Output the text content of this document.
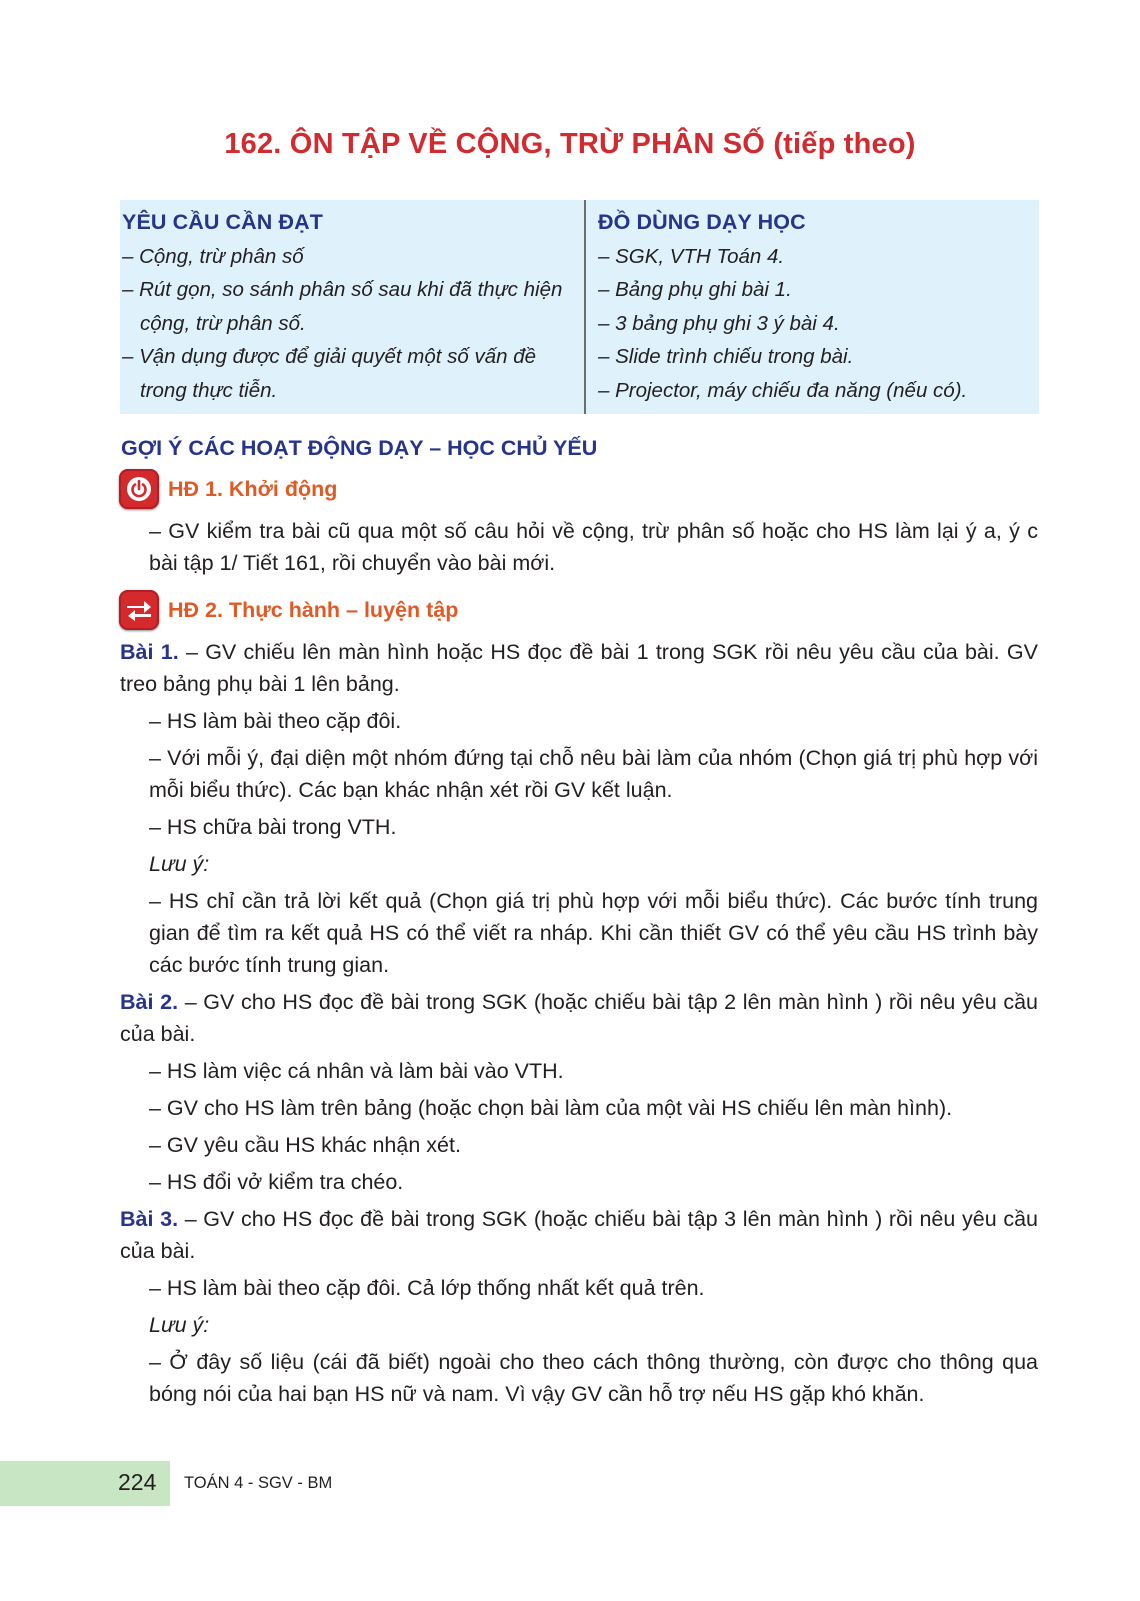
162. ÔN TẬP VỀ CỘNG, TRỪ PHÂN SỐ (tiếp theo)
YÊU CẦU CẦN ĐẠT
– Cộng, trừ phân số
– Rút gọn, so sánh phân số sau khi đã thực hiện cộng, trừ phân số.
– Vận dụng được để giải quyết một số vấn đề trong thực tiễn.
ĐỒ DÙNG DẠY HỌC
– SGK, VTH Toán 4.
– Bảng phụ ghi bài 1.
– 3 bảng phụ ghi 3 ý bài 4.
– Slide trình chiếu trong bài.
– Projector, máy chiếu đa năng (nếu có).
GỢI Ý CÁC HOẠT ĐỘNG DẠY – HỌC CHỦ YẾU
HĐ 1. Khởi động

– GV kiểm tra bài cũ qua một số câu hỏi về cộng, trừ phân số hoặc cho HS làm lại ý a, ý c bài tập 1/ Tiết 161, rồi chuyển vào bài mới.

HĐ 2. Thực hành – luyện tập

Bài 1. – GV chiếu lên màn hình hoặc HS đọc đề bài 1 trong SGK rồi nêu yêu cầu của bài. GV treo bảng phụ bài 1 lên bảng.

– HS làm bài theo cặp đôi.

– Với mỗi ý, đại diện một nhóm đứng tại chỗ nêu bài làm của nhóm (Chọn giá trị phù hợp với mỗi biểu thức). Các bạn khác nhận xét rồi GV kết luận.

– HS chữa bài trong VTH.

Lưu ý:

– HS chỉ cần trả lời kết quả (Chọn giá trị phù hợp với mỗi biểu thức). Các bước tính trung gian để tìm ra kết quả HS có thể viết ra nháp. Khi cần thiết GV có thể yêu cầu HS trình bày các bước tính trung gian.

Bài 2. – GV cho HS đọc đề bài trong SGK (hoặc chiếu bài tập 2 lên màn hình ) rồi nêu yêu cầu của bài.

– HS làm việc cá nhân và làm bài vào VTH.

– GV cho HS làm trên bảng (hoặc chọn bài làm của một vài HS chiếu lên màn hình).

– GV yêu cầu HS khác nhận xét.

– HS đổi vở kiểm tra chéo.

Bài 3. – GV cho HS đọc đề bài trong SGK (hoặc chiếu bài tập 3 lên màn hình ) rồi nêu yêu cầu của bài.

– HS làm bài theo cặp đôi. Cả lớp thống nhất kết quả trên.

Lưu ý:

– Ở đây số liệu (cái đã biết) ngoài cho theo cách thông thường, còn được cho thông qua bóng nói của hai bạn HS nữ và nam. Vì vậy GV cần hỗ trợ nếu HS gặp khó khăn.

224 TOÁN 4 - SGV - BM
